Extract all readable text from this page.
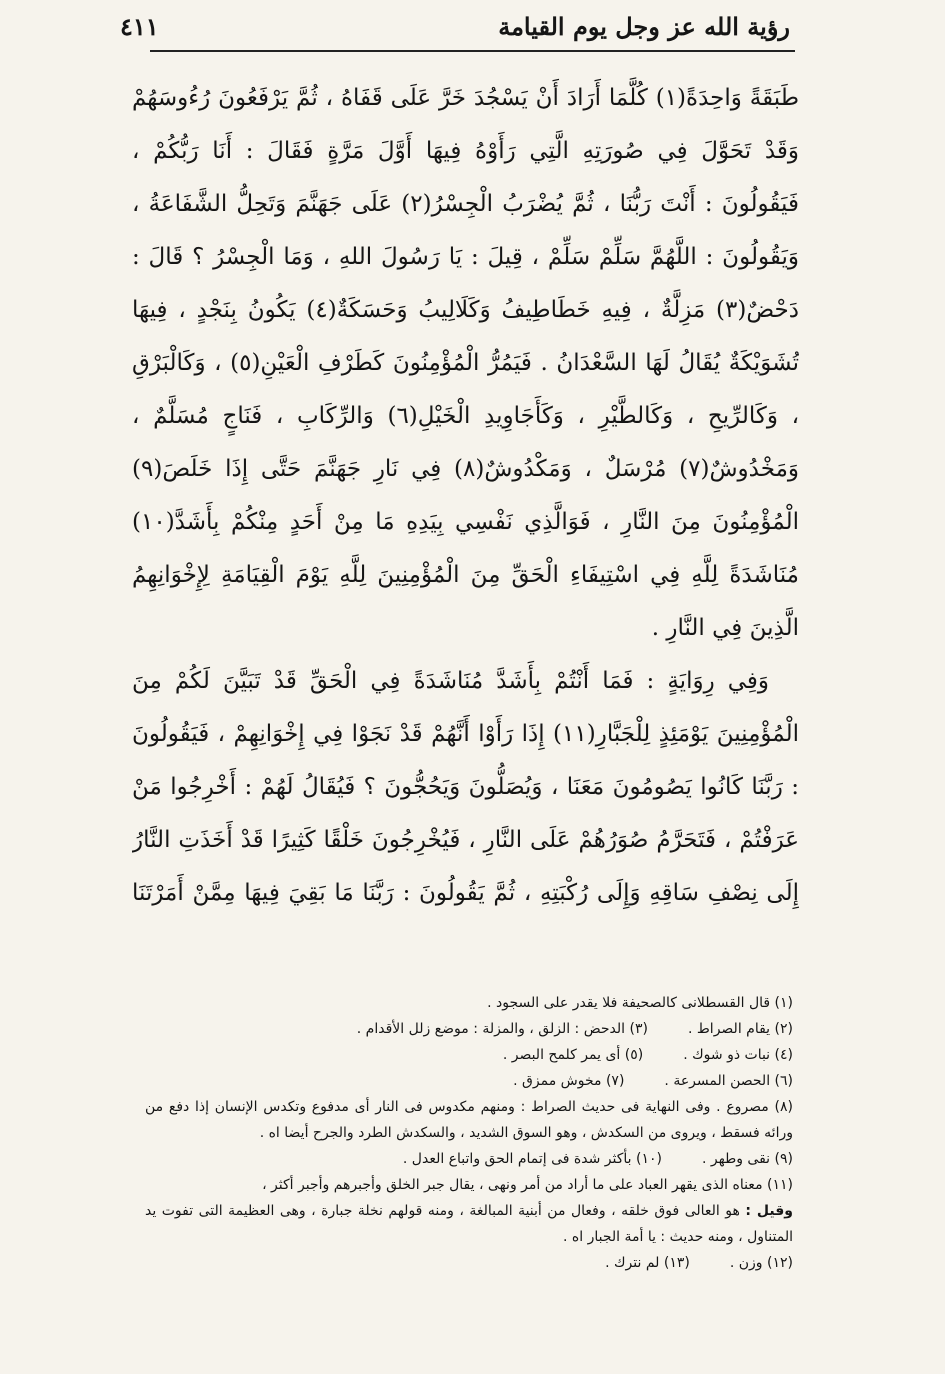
رؤية الله عز وجل يوم القيامة
٤١١

طَبَقَةً وَاحِدَةً(١) كُلَّمَا أَرَادَ أَنْ يَسْجُدَ خَرَّ عَلَى قَفَاهُ ، ثُمَّ يَرْفَعُونَ رُءُوسَهُمْ وَقَدْ تَحَوَّلَ فِي صُورَتِهِ الَّتِي رَأَوْهُ فِيهَا أَوَّلَ مَرَّةٍ فَقَالَ : أَنَا رَبُّكُمْ ، فَيَقُولُونَ : أَنْتَ رَبُّنَا ، ثُمَّ يُضْرَبُ الْجِسْرُ(٢) عَلَى جَهَنَّمَ وَتَحِلُّ الشَّفَاعَةُ ، وَيَقُولُونَ : اللَّهُمَّ سَلِّمْ سَلِّمْ ، قِيلَ : يَا رَسُولَ اللهِ ، وَمَا الْجِسْرُ ؟ قَالَ : دَحْضٌ(٣) مَزِلَّةٌ ، فِيهِ خَطَاطِيفُ وَكَلَالِيبُ وَحَسَكَةٌ(٤) يَكُونُ بِنَجْدٍ ، فِيهَا تُشَوَيْكَةٌ يُقَالُ لَهَا السَّعْدَانُ . فَيَمُرُّ الْمُؤْمِنُونَ كَطَرْفِ الْعَيْنِ(٥) ، وَكَالْبَرْقِ ، وَكَالرِّيحِ ، وَكَالطَّيْرِ ، وَكَأَجَاوِيدِ الْخَيْلِ(٦) وَالرِّكَابِ ، فَنَاجٍ مُسَلَّمٌ ، وَمَخْدُوشٌ(٧) مُرْسَلٌ ، وَمَكْدُوشٌ(٨) فِي نَارِ جَهَنَّمَ حَتَّى إِذَا خَلَصَ(٩) الْمُؤْمِنُونَ مِنَ النَّارِ ، فَوَالَّذِي نَفْسِي بِيَدِهِ مَا مِنْ أَحَدٍ مِنْكُمْ بِأَشَدَّ(١٠) مُنَاشَدَةً لِلَّهِ فِي اسْتِيفَاءِ الْحَقِّ مِنَ الْمُؤْمِنِينَ لِلَّهِ يَوْمَ الْقِيَامَةِ لِإِخْوَانِهِمُ الَّذِينَ فِي النَّارِ .

وَفِي رِوَايَةٍ : فَمَا أَنْتُمْ بِأَشَدَّ مُنَاشَدَةً فِي الْحَقِّ قَدْ تَبَيَّنَ لَكُمْ مِنَ الْمُؤْمِنِينَ يَوْمَئِذٍ لِلْجَبَّارِ(١١) إِذَا رَأَوْا أَنَّهُمْ قَدْ نَجَوْا فِي إِخْوَانِهِمْ ، فَيَقُولُونَ : رَبَّنَا كَانُوا يَصُومُونَ مَعَنَا ، وَيُصَلُّونَ وَيَحُجُّونَ ؟ فَيُقَالُ لَهُمْ : أَخْرِجُوا مَنْ عَرَفْتُمْ ، فَتَحَرَّمُ صُوَرُهُمْ عَلَى النَّارِ ، فَيُخْرِجُونَ خَلْقًا كَثِيرًا قَدْ أَخَذَتِ النَّارُ إِلَى نِصْفِ سَاقِهِ وَإِلَى رُكْبَتِهِ ، ثُمَّ يَقُولُونَ : رَبَّنَا مَا بَقِيَ فِيهَا مِمَّنْ أَمَرْتَنَا

(١) قال القسطلانى كالصحيفة فلا يقدر على السجود .
(٢) يقام الصراط .
(٣) الدحض : الزلق ، والمزلة : موضع زلل الأقدام .
(٤) نبات ذو شوك .
(٥) أى يمر كلمح البصر .
(٦) الحصن المسرعة .
(٧) مخوش ممزق .
(٨) مصروع . وفى النهاية فى حديث الصراط : ومنهم مكدوس فى النار أى مدفوع وتكدس الإنسان إذا دفع من ورائه فسقط ، ويروى من السكدش ، وهو السوق الشديد ، والسكدش الطرد والجرح أيضا اه .
(٩) نقى وطهر .
(١٠) بأكثر شدة فى إتمام الحق واتباع العدل .
(١١) معناه الذى يقهر العباد على ما أراد من أمر ونهى ، يقال جبر الخلق وأجبرهم وأجبر أكثر ،
وقيل : هو العالى فوق خلقه ، وفعال من أبنية المبالغة ، ومنه قولهم نخلة جبارة ، وهى العظيمة التى تفوت يد المتناول ، ومنه حديث : يا أمة الجبار اه .
(١٢) وزن .
(١٣) لم نترك .
